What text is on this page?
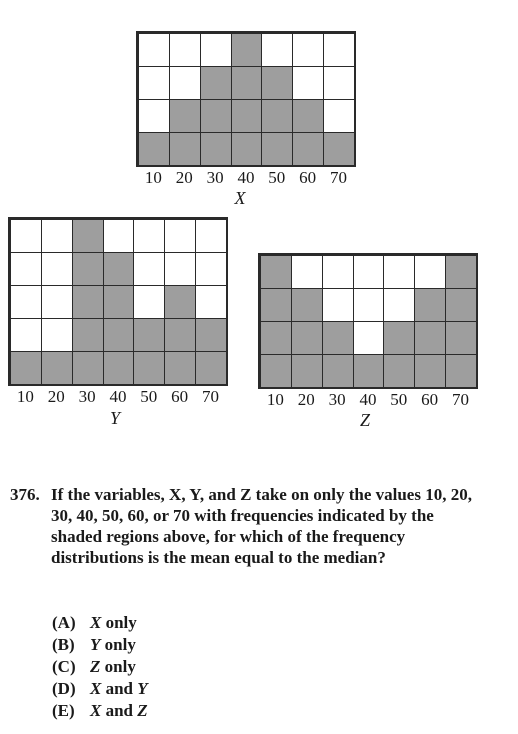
10 20 30 40 50 60 70
X
10 20 30 40 50 60 70
Y
10 20 30 40 50 60 70
Z
376. If the variables, X, Y, and Z take on only the values 10, 20, 30, 40, 50, 60, or 70 with frequencies indicated by the shaded regions above, for which of the frequency distributions is the mean equal to the median?
(A) X only
(B) Y only
(C) Z only
(D) X and Y
(E) X and Z
